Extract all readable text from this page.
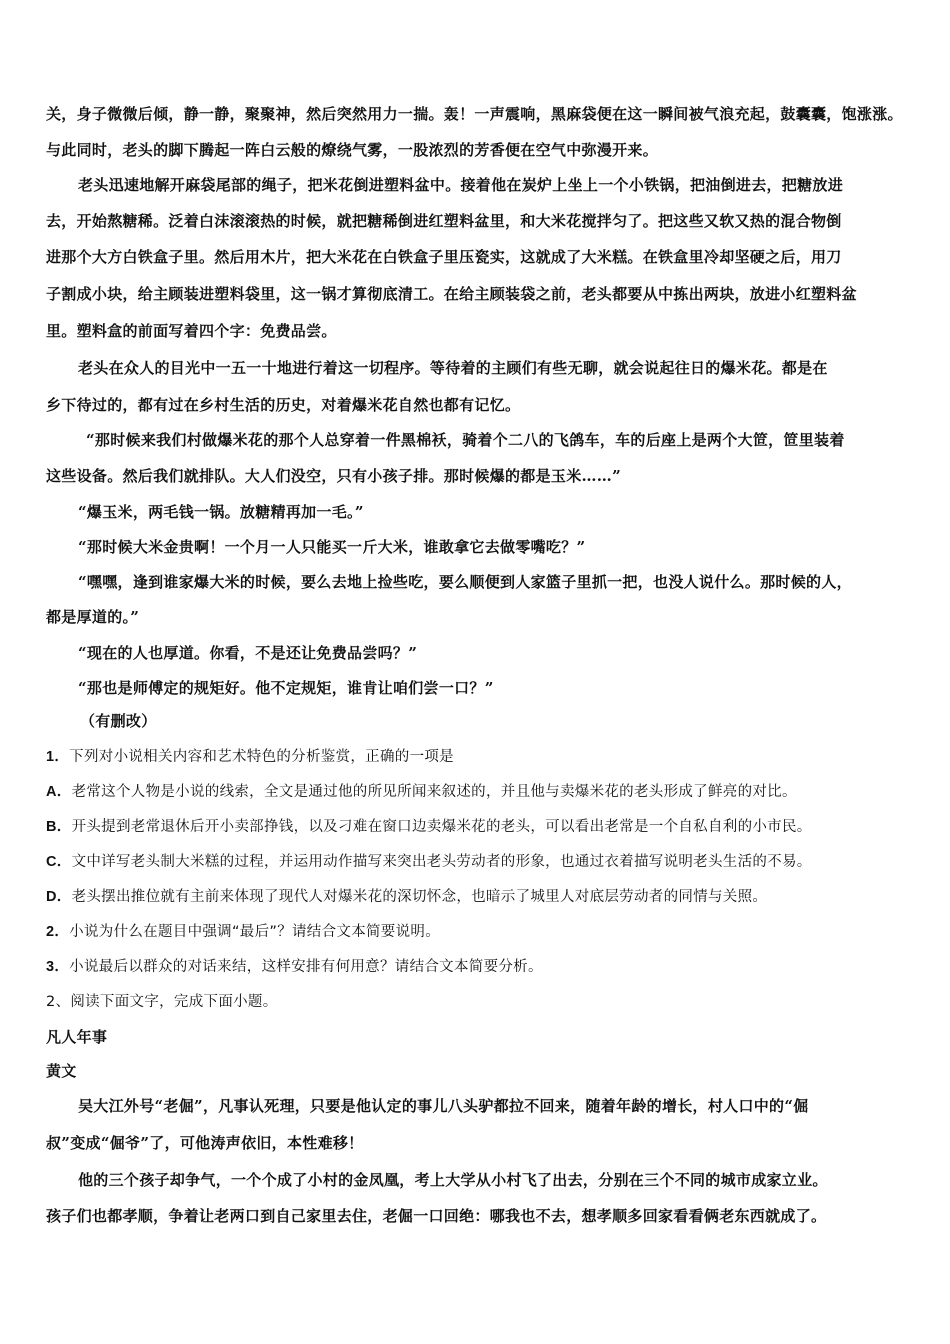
关，身子微微后倾，静一静，聚聚神，然后突然用力一揣。轰！一声震响，黑麻袋便在这一瞬间被气浪充起，鼓囊囊，饱涨涨。
与此同时，老头的脚下腾起一阵白云般的燎绕气雾，一股浓烈的芳香便在空气中弥漫开来。
老头迅速地解开麻袋尾部的绳子，把米花倒进塑料盆中。接着他在炭炉上坐上一个小铁锅，把油倒进去，把糖放进
去，开始熬糖稀。泛着白沫滚滚热的时候，就把糖稀倒进红塑料盆里，和大米花搅拌匀了。把这些又软又热的混合物倒
进那个大方白铁盒子里。然后用木片，把大米花在白铁盒子里压瓷实，这就成了大米糕。在铁盒里冷却坚硬之后，用刀
子割成小块，给主顾装进塑料袋里，这一锅才算彻底清工。在给主顾装袋之前，老头都要从中拣出两块，放进小红塑料盆
里。塑料盒的前面写着四个字：免费品尝。
老头在众人的目光中一五一十地进行着这一切程序。等待着的主顾们有些无聊，就会说起往日的爆米花。都是在
乡下待过的，都有过在乡村生活的历史，对着爆米花自然也都有记忆。
“那时候来我们村做爆米花的那个人总穿着一件黑棉袄，骑着个二八的飞鸽车，车的后座上是两个大笸，笸里装着
这些设备。然后我们就排队。大人们没空，只有小孩子排。那时候爆的都是玉米……”
“爆玉米，两毛钱一锅。放糖精再加一毛。”
“那时候大米金贵啊！一个月一人只能买一斤大米，谁敢拿它去做零嘴吃？”
“嘿嘿，逢到谁家爆大米的时候，要么去地上捡些吃，要么顺便到人家篮子里抓一把，也没人说什么。那时候的人，
都是厚道的。”
“现在的人也厚道。你看，不是还让免费品尝吗？”
“那也是师傅定的规矩好。他不定规矩，谁肯让咱们尝一口？”
（有删改）
1．下列对小说相关内容和艺术特色的分析鉴赏，正确的一项是
A．老常这个人物是小说的线索，全文是通过他的所见所闻来叙述的，并且他与卖爆米花的老头形成了鲜亮的对比。
B．开头提到老常退休后开小卖部挣钱，以及刁难在窗口边卖爆米花的老头，可以看出老常是一个自私自利的小市民。
C．文中详写老头制大米糕的过程，并运用动作描写来突出老头劳动者的形象，也通过衣着描写说明老头生活的不易。
D．老头摆出推位就有主前来体现了现代人对爆米花的深切怀念，也暗示了城里人对底层劳动者的同情与关照。
2．小说为什么在题目中强调“最后”？请结合文本简要说明。
3．小说最后以群众的对话来结，这样安排有何用意？请结合文本简要分析。
2、阅读下面文字，完成下面小题。
凡人年事
黄文
吴大江外号“老倔”，凡事认死理，只要是他认定的事儿八头驴都拉不回来，随着年龄的增长，村人口中的“倔
叔”变成“倔爷”了，可他涛声依旧，本性难移！
他的三个孩子却争气，一个个成了小村的金凤凰，考上大学从小村飞了出去，分别在三个不同的城市成家立业。
孩子们也都孝顺，争着让老两口到自己家里去住，老倔一口回绝：哪我也不去，想孝顺多回家看看俩老东西就成了。
